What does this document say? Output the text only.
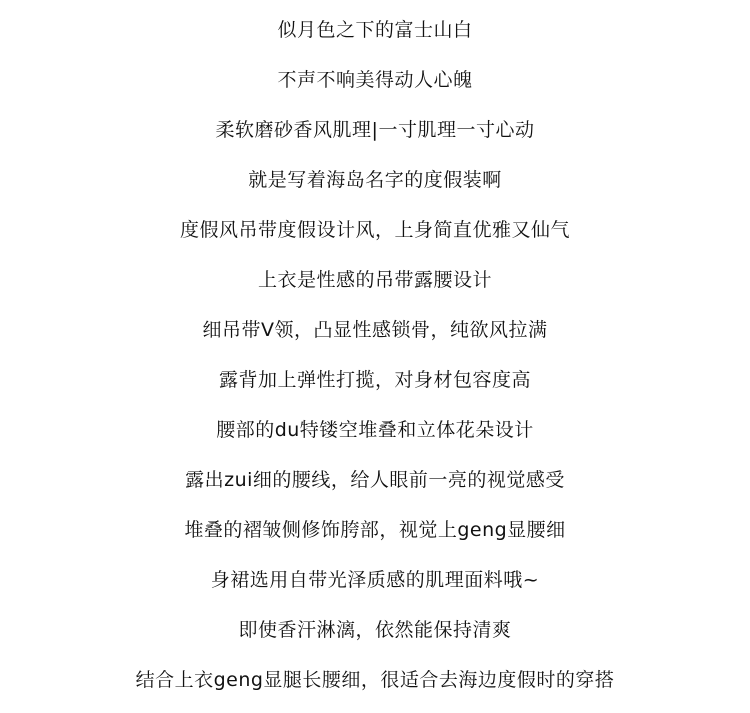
似月色之下的富士山白
不声不响美得动人心魄
柔软磨砂香风肌理|一寸肌理一寸心动
就是写着海岛名字的度假装啊
度假风吊带度假设计风，上身简直优雅又仙气
上衣是性感的吊带露腰设计
细吊带V领，凸显性感锁骨，纯欲风拉满
露背加上弹性打揽，对身材包容度高
腰部的du特镂空堆叠和立体花朵设计
露出zui细的腰线，给人眼前一亮的视觉感受
堆叠的褶皱侧修饰胯部，视觉上geng显腰细
身裙选用自带光泽质感的肌理面料哦~
即使香汗淋漓，依然能保持清爽
结合上衣geng显腿长腰细，很适合去海边度假时的穿搭
